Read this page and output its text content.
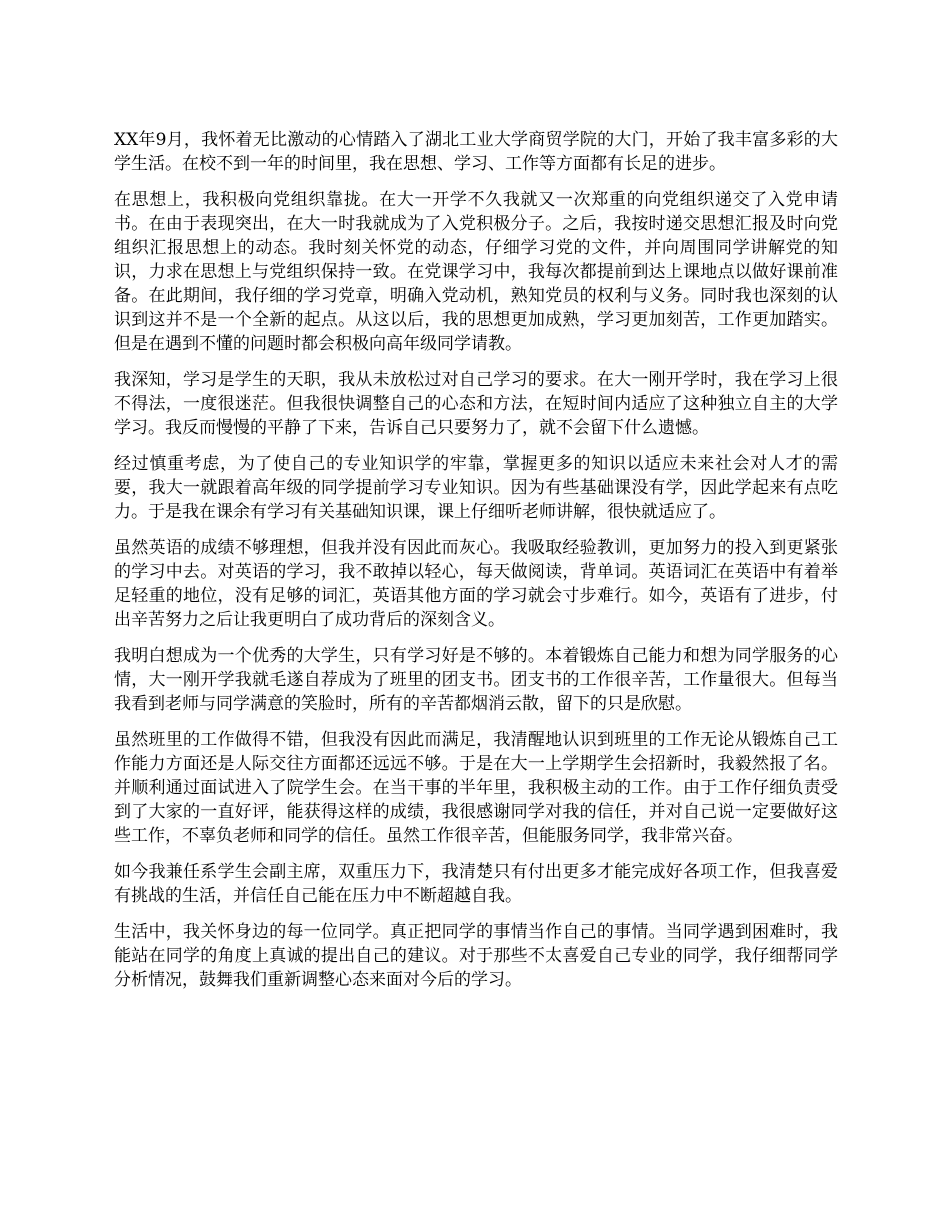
XX年9月，我怀着无比激动的心情踏入了湖北工业大学商贸学院的大门，开始了我丰富多彩的大学生活。在校不到一年的时间里，我在思想、学习、工作等方面都有长足的进步。

在思想上，我积极向党组织靠拢。在大一开学不久我就又一次郑重的向党组织递交了入党申请书。在由于表现突出，在大一时我就成为了入党积极分子。之后，我按时递交思想汇报及时向党组织汇报思想上的动态。我时刻关怀党的动态，仔细学习党的文件，并向周围同学讲解党的知识，力求在思想上与党组织保持一致。在党课学习中，我每次都提前到达上课地点以做好课前准备。在此期间，我仔细的学习党章，明确入党动机，熟知党员的权利与义务。同时我也深刻的认识到这并不是一个全新的起点。从这以后，我的思想更加成熟，学习更加刻苦，工作更加踏实。但是在遇到不懂的问题时都会积极向高年级同学请教。

我深知，学习是学生的天职，我从未放松过对自己学习的要求。在大一刚开学时，我在学习上很不得法，一度很迷茫。但我很快调整自己的心态和方法，在短时间内适应了这种独立自主的大学学习。我反而慢慢的平静了下来，告诉自己只要努力了，就不会留下什么遗憾。

经过慎重考虑，为了使自己的专业知识学的牢靠，掌握更多的知识以适应未来社会对人才的需要，我大一就跟着高年级的同学提前学习专业知识。因为有些基础课没有学，因此学起来有点吃力。于是我在课余有学习有关基础知识课，课上仔细听老师讲解，很快就适应了。

虽然英语的成绩不够理想，但我并没有因此而灰心。我吸取经验教训，更加努力的投入到更紧张的学习中去。对英语的学习，我不敢掉以轻心，每天做阅读，背单词。英语词汇在英语中有着举足轻重的地位，没有足够的词汇，英语其他方面的学习就会寸步难行。如今，英语有了进步，付出辛苦努力之后让我更明白了成功背后的深刻含义。

我明白想成为一个优秀的大学生，只有学习好是不够的。本着锻炼自己能力和想为同学服务的心情，大一刚开学我就毛遂自荐成为了班里的团支书。团支书的工作很辛苦，工作量很大。但每当我看到老师与同学满意的笑脸时，所有的辛苦都烟消云散，留下的只是欣慰。

虽然班里的工作做得不错，但我没有因此而满足，我清醒地认识到班里的工作无论从锻炼自己工作能力方面还是人际交往方面都还远远不够。于是在大一上学期学生会招新时，我毅然报了名。并顺利通过面试进入了院学生会。在当干事的半年里，我积极主动的工作。由于工作仔细负责受到了大家的一直好评，能获得这样的成绩，我很感谢同学对我的信任，并对自己说一定要做好这些工作，不辜负老师和同学的信任。虽然工作很辛苦，但能服务同学，我非常兴奋。

如今我兼任系学生会副主席，双重压力下，我清楚只有付出更多才能完成好各项工作，但我喜爱有挑战的生活，并信任自己能在压力中不断超越自我。

生活中，我关怀身边的每一位同学。真正把同学的事情当作自己的事情。当同学遇到困难时，我能站在同学的角度上真诚的提出自己的建议。对于那些不太喜爱自己专业的同学，我仔细帮同学分析情况，鼓舞我们重新调整心态来面对今后的学习。
